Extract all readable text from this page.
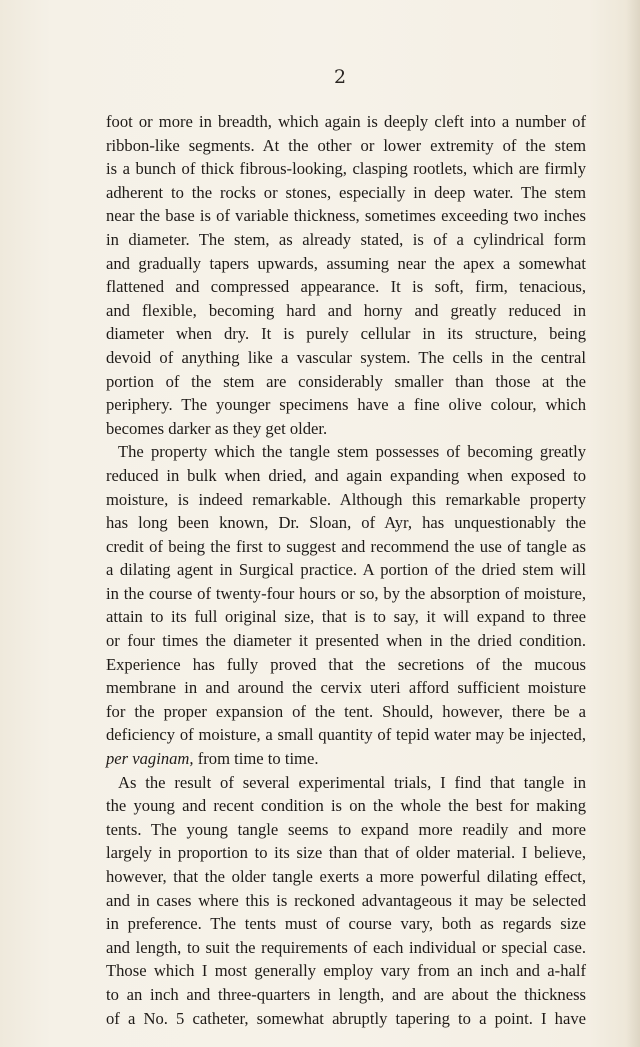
2

foot or more in breadth, which again is deeply cleft into a number of
ribbon-like segments. At the other or lower extremity of the stem
is a bunch of thick fibrous-looking, clasping rootlets, which are firmly
adherent to the rocks or stones, especially in deep water. The stem
near the base is of variable thickness, sometimes exceeding two inches
in diameter. The stem, as already stated, is of a cylindrical form
and gradually tapers upwards, assuming near the apex a somewhat
flattened and compressed appearance. It is soft, firm, tenacious,
and flexible, becoming hard and horny and greatly reduced in
diameter when dry. It is purely cellular in its structure, being
devoid of anything like a vascular system. The cells in the central
portion of the stem are considerably smaller than those at the
periphery. The younger specimens have a fine olive colour, which
becomes darker as they get older.

The property which the tangle stem possesses of becoming greatly
reduced in bulk when dried, and again expanding when exposed to
moisture, is indeed remarkable. Although this remarkable property
has long been known, Dr. Sloan, of Ayr, has unquestionably the
credit of being the first to suggest and recommend the use of tangle as
a dilating agent in Surgical practice. A portion of the dried stem will
in the course of twenty-four hours or so, by the absorption of moisture,
attain to its full original size, that is to say, it will expand to three
or four times the diameter it presented when in the dried condition.
Experience has fully proved that the secretions of the mucous
membrane in and around the cervix uteri afford sufficient moisture
for the proper expansion of the tent. Should, however, there be a
deficiency of moisture, a small quantity of tepid water may be injected,
per vaginam, from time to time.

As the result of several experimental trials, I find that tangle in
the young and recent condition is on the whole the best for making
tents. The young tangle seems to expand more readily and more
largely in proportion to its size than that of older material. I believe,
however, that the older tangle exerts a more powerful dilating effect,
and in cases where this is reckoned advantageous it may be selected
in preference. The tents must of course vary, both as regards size
and length, to suit the requirements of each individual or special case.
Those which I most generally employ vary from an inch and a-half
to an inch and three-quarters in length, and are about the thickness
of a No. 5 catheter, somewhat abruptly tapering to a point. I have
